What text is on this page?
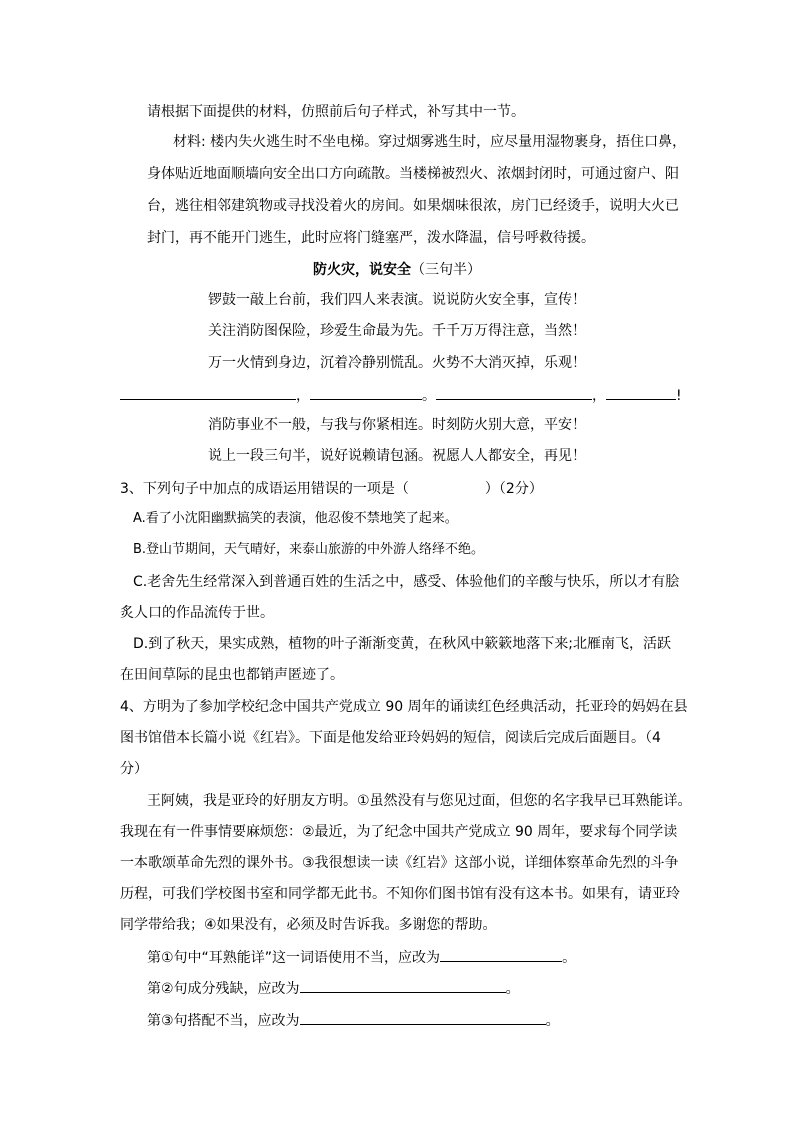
请根据下面提供的材料，仿照前后句子样式，补写其中一节。
材料: 楼内失火逃生时不坐电梯。穿过烟雾逃生时，应尽量用湿物裹身，捂住口鼻，
身体贴近地面顺墙向安全出口方向疏散。当楼梯被烈火、浓烟封闭时，可通过窗户、阳
台，逃往相邻建筑物或寻找没着火的房间。如果烟味很浓，房门已经烫手，说明大火已
封门，再不能开门逃生，此时应将门缝塞严，泼水降温，信号呼救待援。
防火灾，说安全（三句半）
锣鼓一敲上台前，我们四人来表演。说说防火安全事，宣传！
关注消防图保险，珍爱生命最为先。千千万万得注意，当然！
万一火情到身边，沉着冷静别慌乱。火势不大消灭掉，乐观！
，	。	，	!
消防事业不一般，与我与你紧相连。时刻防火别大意，平安！
说上一段三句半，说好说赖请包涵。祝愿人人都安全，再见！
3、下列句子中加点的成语运用错误的一项是（	）（2分）
A.看了小沈阳幽默搞笑的表演，他忍俊不禁地笑了起来。
B.登山节期间，天气晴好，来泰山旅游的中外游人络绎不绝。
C.老舍先生经常深入到普通百姓的生活之中，感受、体验他们的辛酸与快乐，所以才有脍
炙人口的作品流传于世。
D.到了秋天，果实成熟，植物的叶子渐渐变黄，在秋风中簌簌地落下来;北雁南飞，活跃
在田间草际的昆虫也都销声匿迹了。
4、方明为了参加学校纪念中国共产党成立 90 周年的诵读红色经典活动，托亚玲的妈妈在县
图书馆借本长篇小说《红岩》。下面是他发给亚玲妈妈的短信，阅读后完成后面题目。（4
分）
王阿姨，我是亚玲的好朋友方明。①虽然没有与您见过面，但您的名字我早已耳熟能详。
我现在有一件事情要麻烦您：②最近，为了纪念中国共产党成立 90 周年，要求每个同学读
一本歌颂革命先烈的课外书。③我很想读一读《红岩》这部小说，详细体察革命先烈的斗争
历程，可我们学校图书室和同学都无此书。不知你们图书馆有没有这本书。如果有，请亚玲
同学带给我；④如果没有，必须及时告诉我。多谢您的帮助。
第①句中“耳熟能详”这一词语使用不当，应改为	。
第②句成分残缺，应改为	。
第③句搭配不当，应改为	。
